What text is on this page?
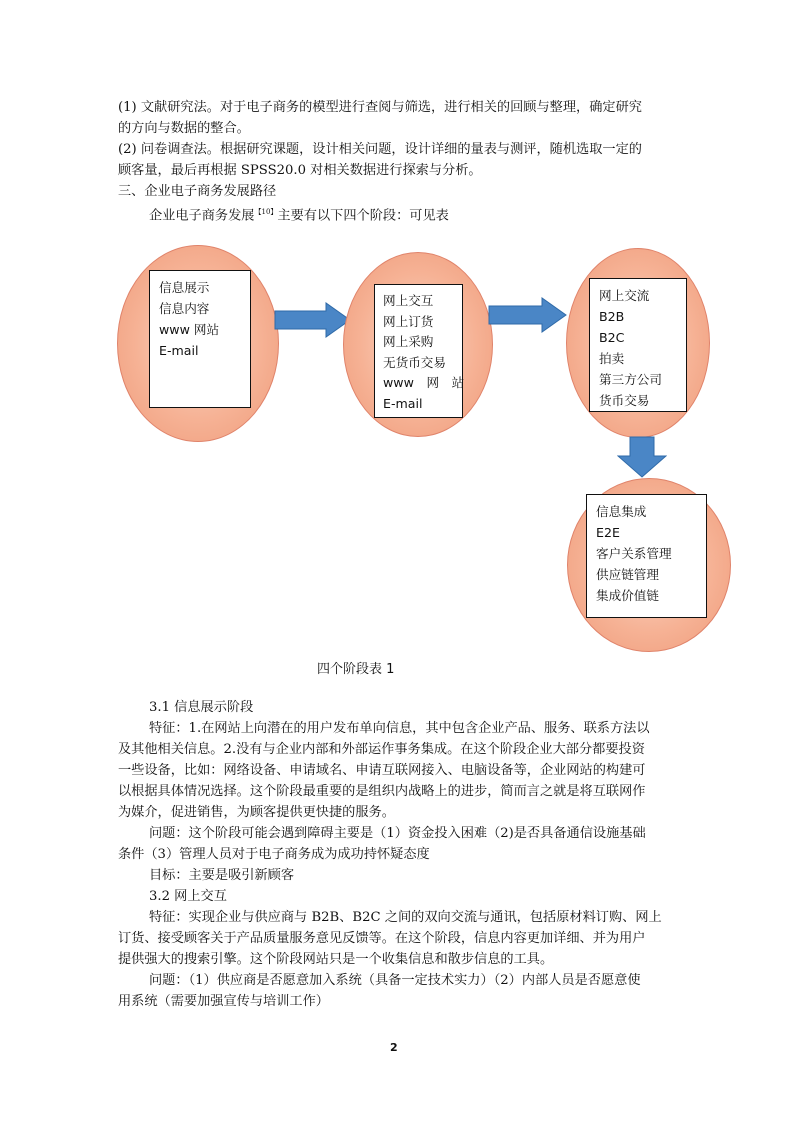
(1) 文献研究法。对于电子商务的模型进行查阅与筛选，进行相关的回顾与整理，确定研究

的方向与数据的整合。

(2) 问卷调查法。根据研究课题，设计相关问题，设计详细的量表与测评，随机选取一定的

顾客量，最后再根据 SPSS20.0 对相关数据进行探索与分析。

三、企业电子商务发展路径

企业电子商务发展$^{【10】}$主要有以下四个阶段：可见表

信息展示
信息内容
www 网站
E-mail
网上交互
网上订货
网上采购
无货币交易
www　网　站
E-mail
网上交流
B2B
B2C
拍卖
第三方公司
货币交易
信息集成
E2E
客户关系管理
供应链管理
集成价值链
四个阶段表 1

3.1 信息展示阶段

特征：1.在网站上向潜在的用户发布单向信息，其中包含企业产品、服务、联系方法以

及其他相关信息。2.没有与企业内部和外部运作事务集成。在这个阶段企业大部分都要投资

一些设备，比如：网络设备、申请域名、申请互联网接入、电脑设备等，企业网站的构建可

以根据具体情况选择。这个阶段最重要的是组织内战略上的进步，简而言之就是将互联网作

为媒介，促进销售，为顾客提供更快捷的服务。

问题：这个阶段可能会遇到障碍主要是（1）资金投入困难（2)是否具备通信设施基础

条件（3）管理人员对于电子商务成为成功持怀疑态度

目标：主要是吸引新顾客

3.2 网上交互

特征：实现企业与供应商与 B2B、B2C 之间的双向交流与通讯，包括原材料订购、网上

订货、接受顾客关于产品质量服务意见反馈等。在这个阶段，信息内容更加详细、并为用户

提供强大的搜索引擎。这个阶段网站只是一个收集信息和散步信息的工具。

问题：（1）供应商是否愿意加入系统（具备一定技术实力）（2）内部人员是否愿意使

用系统（需要加强宣传与培训工作）

2
